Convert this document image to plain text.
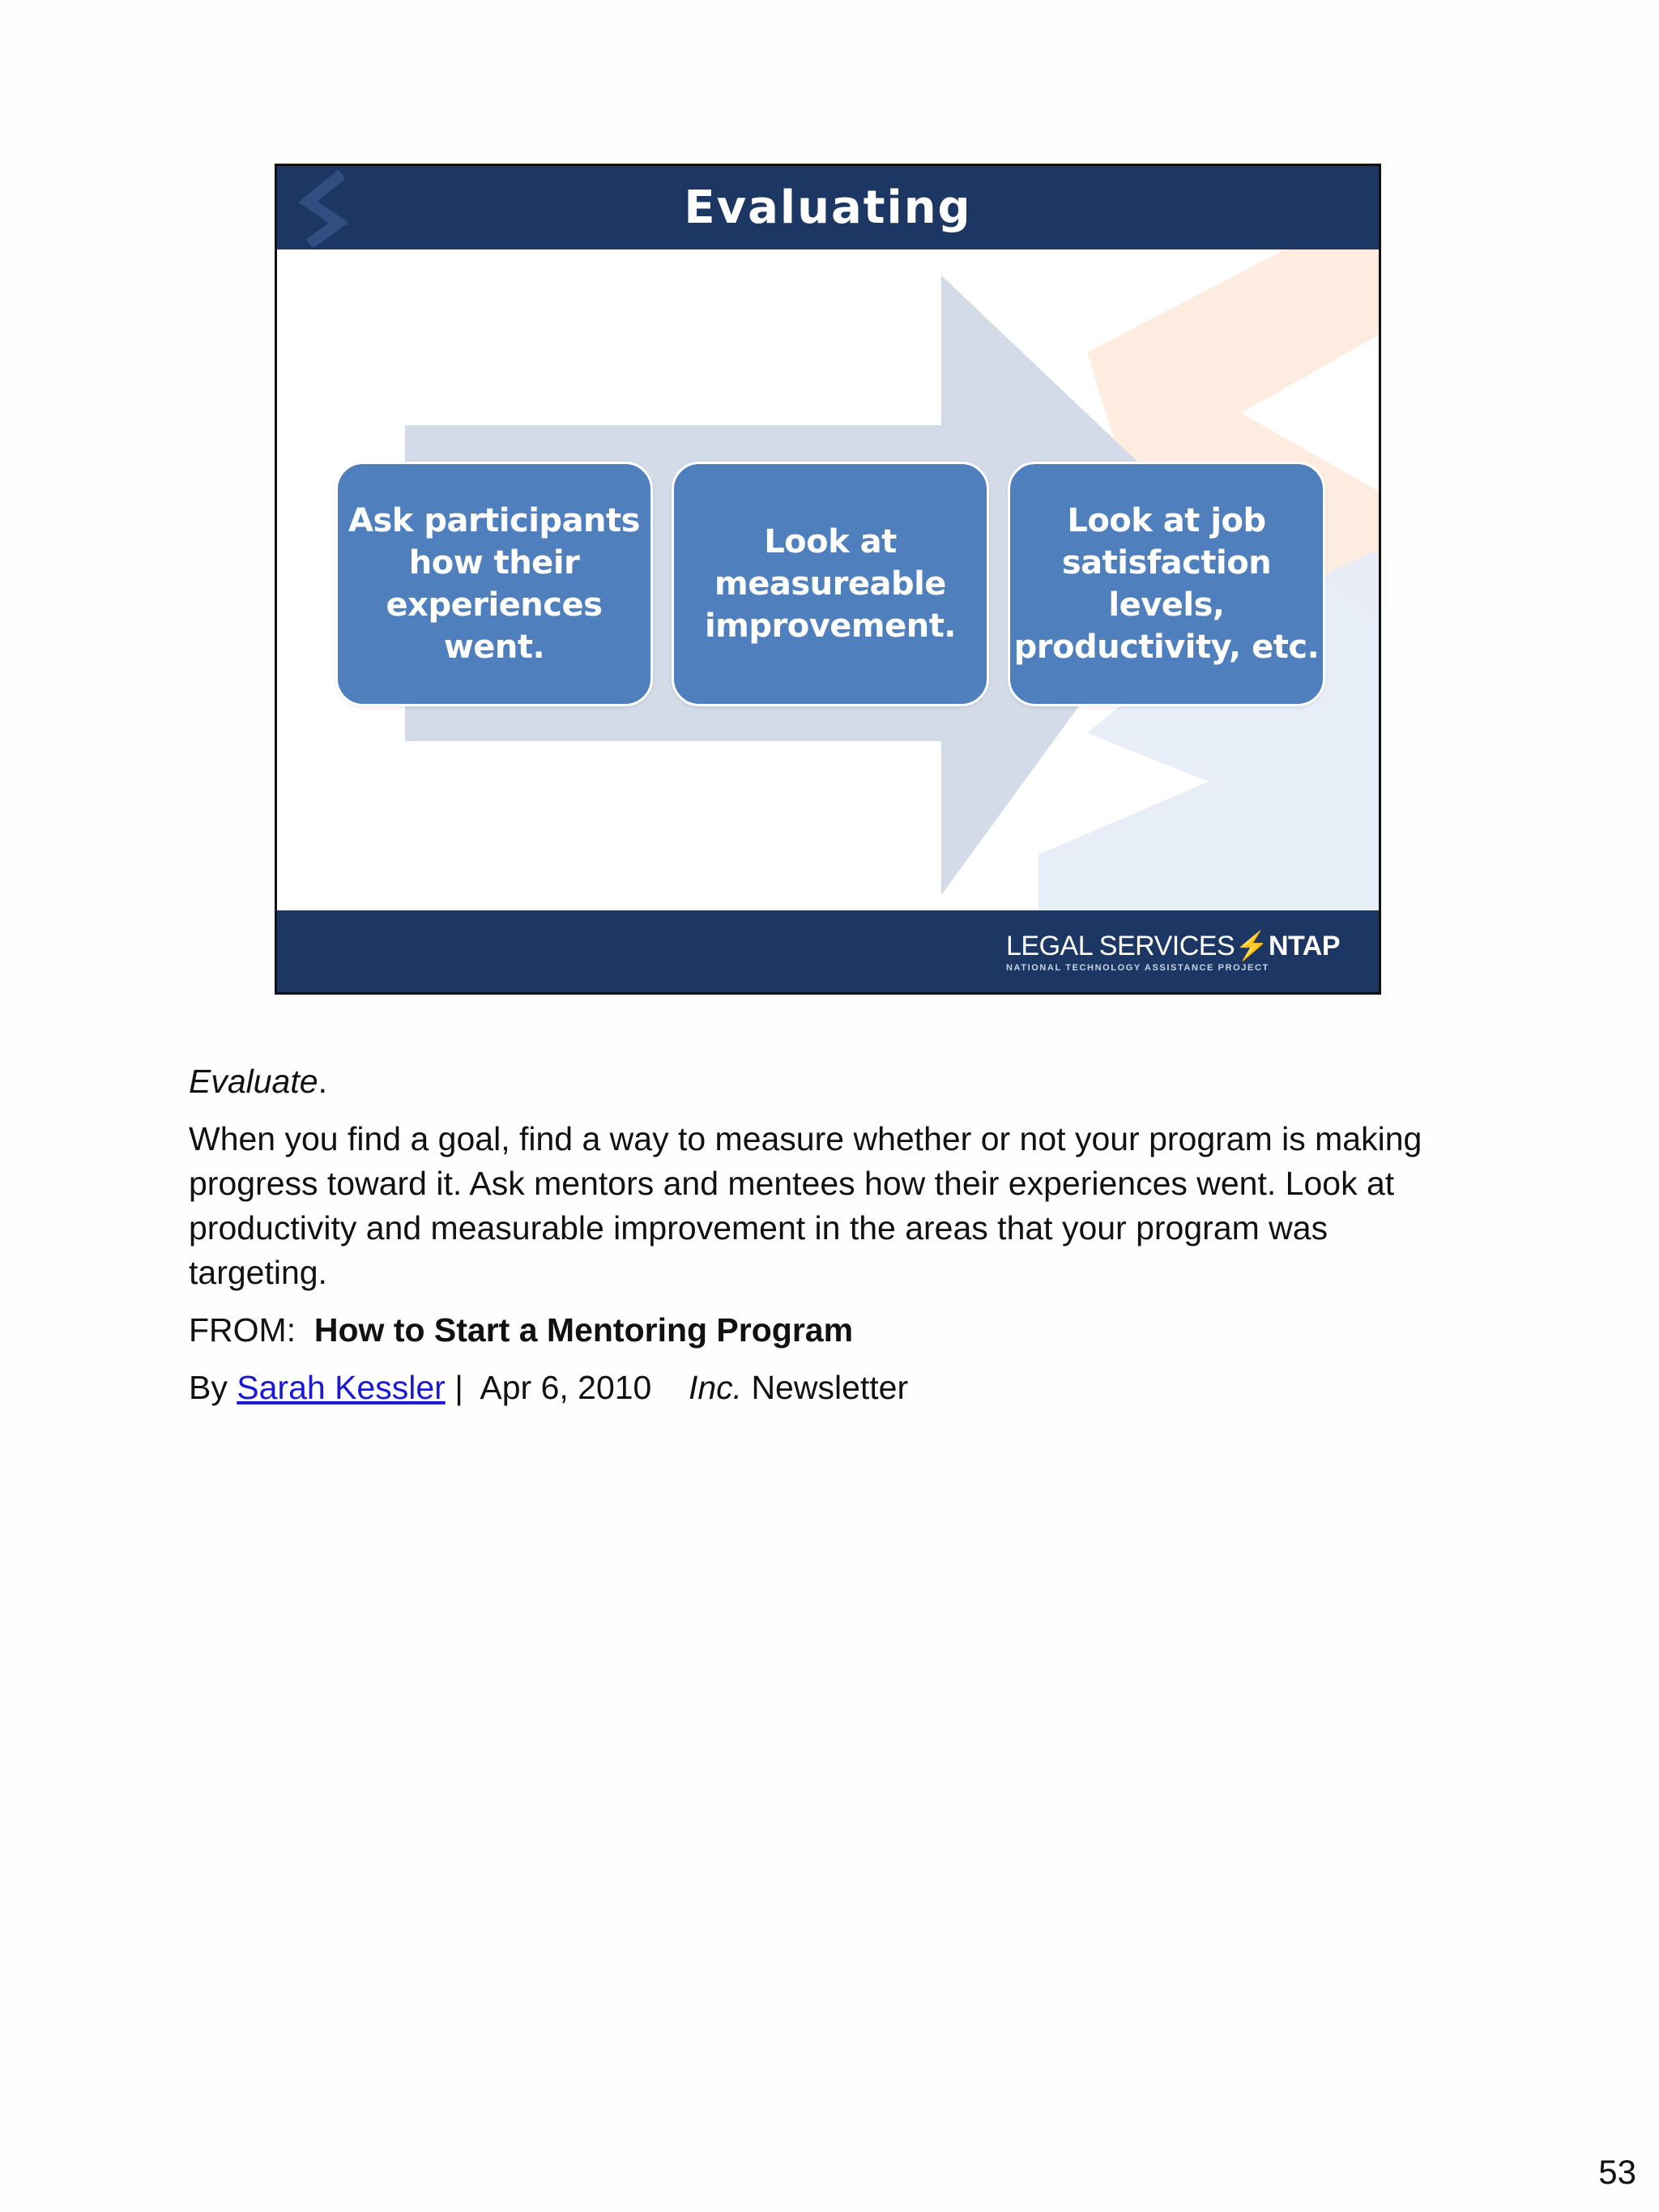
Evaluating
Ask participants
how their
experiences
went.
Look at
measureable
improvement.
Look at job
satisfaction
levels,
productivity, etc.
LEGAL SERVICES⚡NTAP
NATIONAL TECHNOLOGY ASSISTANCE PROJECT

Evaluate.

When you find a goal, find a way to measure whether or not your program is making progress toward it. Ask mentors and mentees how their experiences went. Look at productivity and measurable improvement in the areas that your program was targeting.

FROM: How to Start a Mentoring Program

By Sarah Kessler | Apr 6, 2010 Inc. Newsletter

53
